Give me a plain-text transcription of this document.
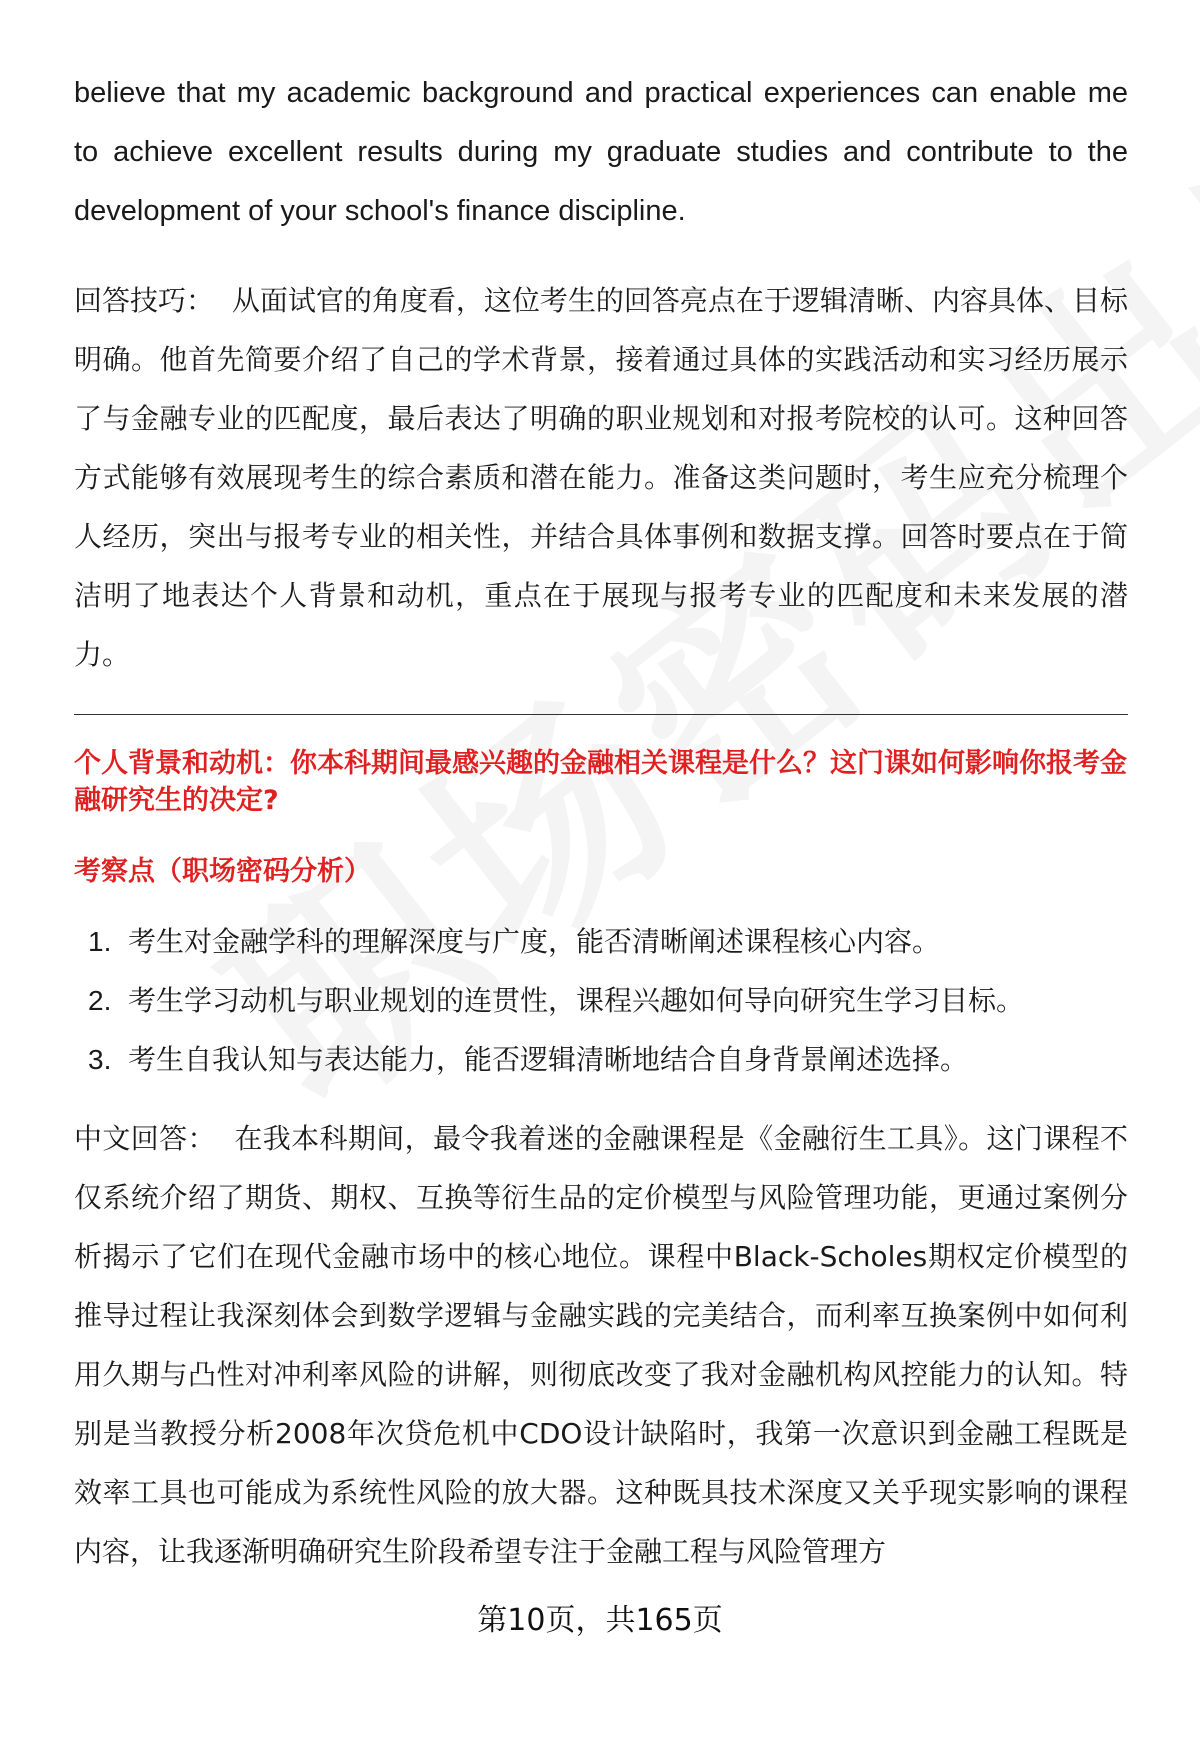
believe that my academic background and practical experiences can enable me to achieve excellent results during my graduate studies and contribute to the development of your school's finance discipline.

回答技巧： 从面试官的角度看，这位考生的回答亮点在于逻辑清晰、内容具体、目标明确。他首先简要介绍了自己的学术背景，接着通过具体的实践活动和实习经历展示了与金融专业的匹配度，最后表达了明确的职业规划和对报考院校的认可。这种回答方式能够有效展现考生的综合素质和潜在能力。准备这类问题时，考生应充分梳理个人经历，突出与报考专业的相关性，并结合具体事例和数据支撑。回答时要点在于简洁明了地表达个人背景和动机，重点在于展现与报考专业的匹配度和未来发展的潜力。

个人背景和动机：你本科期间最感兴趣的金融相关课程是什么？这门课如何影响你报考金融研究生的决定?

考察点（职场密码分析）

1. 考生对金融学科的理解深度与广度，能否清晰阐述课程核心内容。
2. 考生学习动机与职业规划的连贯性，课程兴趣如何导向研究生学习目标。
3. 考生自我认知与表达能力，能否逻辑清晰地结合自身背景阐述选择。

中文回答： 在我本科期间，最令我着迷的金融课程是《金融衍生工具》。这门课程不仅系统介绍了期货、期权、互换等衍生品的定价模型与风险管理功能，更通过案例分析揭示了它们在现代金融市场中的核心地位。课程中Black-Scholes期权定价模型的推导过程让我深刻体会到数学逻辑与金融实践的完美结合，而利率互换案例中如何利用久期与凸性对冲利率风险的讲解，则彻底改变了我对金融机构风控能力的认知。特别是当教授分析2008年次贷危机中CDO设计缺陷时，我第一次意识到金融工程既是效率工具也可能成为系统性风险的放大器。这种既具技术深度又关乎现实影响的课程内容，让我逐渐明确研究生阶段希望专注于金融工程与风险管理方

第10页，共165页
